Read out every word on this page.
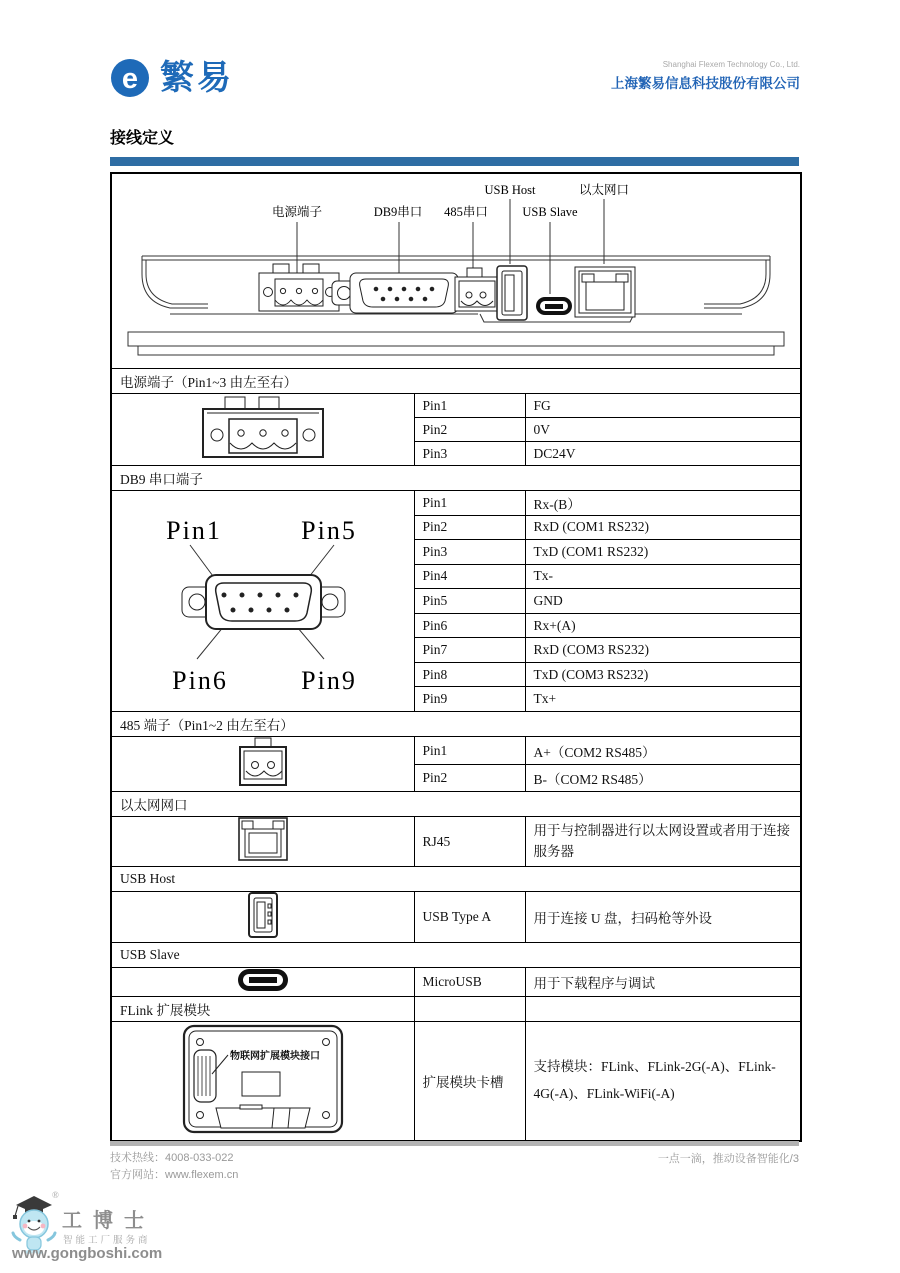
e 繁易	Shanghai Flexem Technology Co., Ltd.
上海繁易信息科技股份有限公司
接线定义
电源端子	DB9串口 485串口
USB Host
USB Slave
以太网口

电源端子（Pin1~3 由左至右）		
	Pin1	FG
	Pin2	0V
	Pin3	DC24V
DB9 串口端子		

Pin1 Pin5
Pin6 Pin9	Pin1	Rx-(B）
	Pin2	RxD (COM1 RS232)
	Pin3	TxD (COM1 RS232)
	Pin4	Tx-
	Pin5	GND
	Pin6	Rx+(A)
	Pin7	RxD (COM3 RS232)
	Pin8	TxD (COM3 RS232)
	Pin9	Tx+
485 端子（Pin1~2 由左至右）		
	Pin1	A+（COM2 RS485）
	Pin2	B-（COM2 RS485）
以太网网口		
	RJ45	用于与控制器进行以太网设置或者用于连接服务器

USB Host		
	USB Type A	用于连接 U 盘，扫码枪等外设
USB Slave		
	MicroUSB	用于下载程序与调试
FLink 扩展模块		

物联网扩展模块接口	扩展模块卡槽	支持模块：FLink、FLink-2G(-A)、FLink-4G(-A)、FLink-WiFi(-A)
技术热线：4008-033-022
官方网站：www.flexem.cn
一点一滴，推动设备智能化/3
®
工博士
智能工厂服务商
www.gongboshi.com
